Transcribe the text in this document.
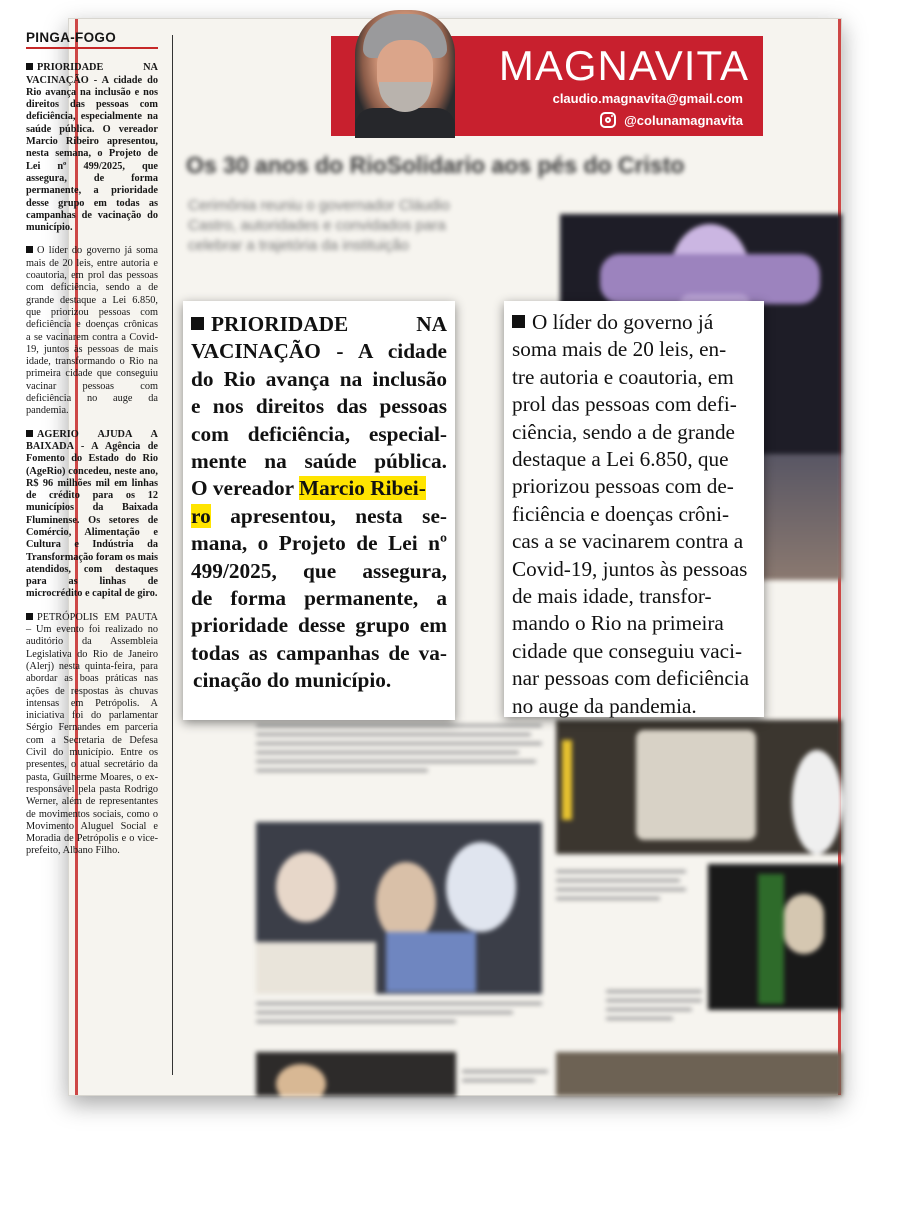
PINGA-FOGO

PRIORIDADE NA VACINAÇÃO - A cidade do Rio avança na inclusão e nos direitos das pessoas com deficiência, especialmente na saúde pública. O vereador Marcio Ribeiro apresentou, nesta semana, o Projeto de Lei nº 499/2025, que assegura, de forma permanente, a prioridade desse grupo em todas as campanhas de vacinação do município.

O líder do governo já soma mais de 20 leis, entre autoria e coautoria, em prol das pessoas com deficiência, sendo a de grande destaque a Lei 6.850, que priorizou pessoas com deficiência e doenças crônicas a se vacinarem contra a Covid-19, juntos às pessoas de mais idade, transformando o Rio na primeira cidade que conseguiu vacinar pessoas com deficiência no auge da pandemia.

AGERIO AJUDA A BAIXADA - A Agência de Fomento do Estado do Rio (AgeRio) concedeu, neste ano, R$ 96 milhões mil em linhas de crédito para os 12 municípios da Baixada Fluminense. Os setores de Comércio, Alimentação e Cultura e Indústria da Transformação foram os mais atendidos, com destaques para as linhas de microcrédito e capital de giro.

PETRÓPOLIS EM PAUTA – Um evento foi realizado no auditório da Assembleia Legislativa do Rio de Janeiro (Alerj) nesta quinta-feira, para abordar as boas práticas nas ações de respostas às chuvas intensas em Petrópolis. A iniciativa foi do parlamentar Sérgio Fernandes em parceria com a Secretaria de Defesa Civil do município. Entre os presentes, o atual secretário da pasta, Guilherme Moares, o ex-responsável pela pasta Rodrigo Werner, além de representantes de movimentos sociais, como o Movimento Aluguel Social e Moradia de Petrópolis e o vice-prefeito, Albano Filho.

MAGNAVITA
claudio.magnavita@gmail.com
@colunamagnavita
Os 30 anos do RioSolidario aos pés do Cristo
Cerimônia reuniu o governador Cláudio Castro, autoridades e convidados para celebrar a trajetória da instituição

PRIORIDADE NA
VACINAÇÃO - A cidade
do Rio avança na inclusão
e nos direitos das pessoas
com deficiência, especial-
mente na saúde pública.
O vereador Marcio Ribei-
ro apresentou, nesta se-
mana, o Projeto de Lei nº
499/2025, que assegura,
de forma permanente, a
prioridade desse grupo em
todas as campanhas de va-
cinação do município.
O líder do governo já
soma mais de 20 leis, en-
tre autoria e coautoria, em
prol das pessoas com defi-
ciência, sendo a de grande
destaque a Lei 6.850, que
priorizou pessoas com de-
ficiência e doenças crôni-
cas a se vacinarem contra a
Covid-19, juntos às pessoas
de mais idade, transfor-
mando o Rio na primeira
cidade que conseguiu vaci-
nar pessoas com deficiência
no auge da pandemia.
